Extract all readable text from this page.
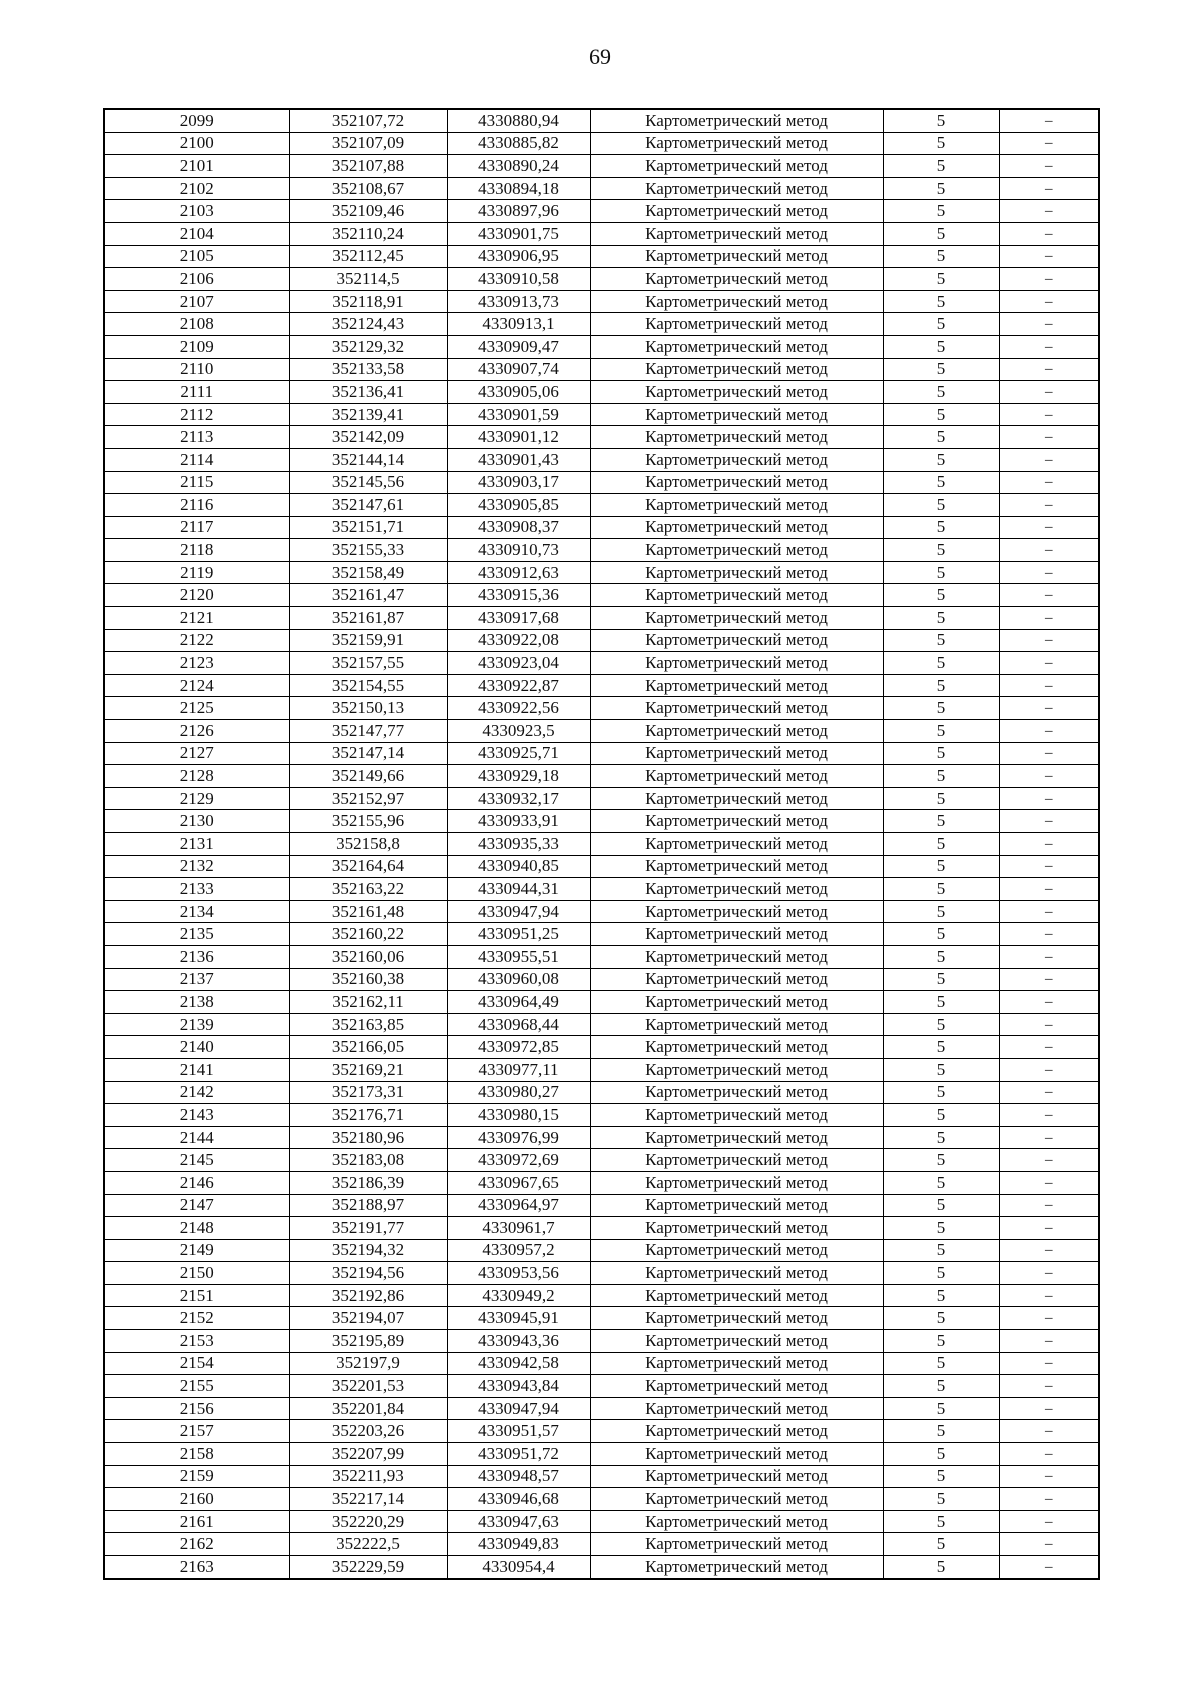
69
2099	352107,72	4330880,94	Картометрический метод	5	–
2100	352107,09	4330885,82	Картометрический метод	5	–
2101	352107,88	4330890,24	Картометрический метод	5	–
2102	352108,67	4330894,18	Картометрический метод	5	–
2103	352109,46	4330897,96	Картометрический метод	5	–
2104	352110,24	4330901,75	Картометрический метод	5	–
2105	352112,45	4330906,95	Картометрический метод	5	–
2106	352114,5	4330910,58	Картометрический метод	5	–
2107	352118,91	4330913,73	Картометрический метод	5	–
2108	352124,43	4330913,1	Картометрический метод	5	–
2109	352129,32	4330909,47	Картометрический метод	5	–
2110	352133,58	4330907,74	Картометрический метод	5	–
2111	352136,41	4330905,06	Картометрический метод	5	–
2112	352139,41	4330901,59	Картометрический метод	5	–
2113	352142,09	4330901,12	Картометрический метод	5	–
2114	352144,14	4330901,43	Картометрический метод	5	–
2115	352145,56	4330903,17	Картометрический метод	5	–
2116	352147,61	4330905,85	Картометрический метод	5	–
2117	352151,71	4330908,37	Картометрический метод	5	–
2118	352155,33	4330910,73	Картометрический метод	5	–
2119	352158,49	4330912,63	Картометрический метод	5	–
2120	352161,47	4330915,36	Картометрический метод	5	–
2121	352161,87	4330917,68	Картометрический метод	5	–
2122	352159,91	4330922,08	Картометрический метод	5	–
2123	352157,55	4330923,04	Картометрический метод	5	–
2124	352154,55	4330922,87	Картометрический метод	5	–
2125	352150,13	4330922,56	Картометрический метод	5	–
2126	352147,77	4330923,5	Картометрический метод	5	–
2127	352147,14	4330925,71	Картометрический метод	5	–
2128	352149,66	4330929,18	Картометрический метод	5	–
2129	352152,97	4330932,17	Картометрический метод	5	–
2130	352155,96	4330933,91	Картометрический метод	5	–
2131	352158,8	4330935,33	Картометрический метод	5	–
2132	352164,64	4330940,85	Картометрический метод	5	–
2133	352163,22	4330944,31	Картометрический метод	5	–
2134	352161,48	4330947,94	Картометрический метод	5	–
2135	352160,22	4330951,25	Картометрический метод	5	–
2136	352160,06	4330955,51	Картометрический метод	5	–
2137	352160,38	4330960,08	Картометрический метод	5	–
2138	352162,11	4330964,49	Картометрический метод	5	–
2139	352163,85	4330968,44	Картометрический метод	5	–
2140	352166,05	4330972,85	Картометрический метод	5	–
2141	352169,21	4330977,11	Картометрический метод	5	–
2142	352173,31	4330980,27	Картометрический метод	5	–
2143	352176,71	4330980,15	Картометрический метод	5	–
2144	352180,96	4330976,99	Картометрический метод	5	–
2145	352183,08	4330972,69	Картометрический метод	5	–
2146	352186,39	4330967,65	Картометрический метод	5	–
2147	352188,97	4330964,97	Картометрический метод	5	–
2148	352191,77	4330961,7	Картометрический метод	5	–
2149	352194,32	4330957,2	Картометрический метод	5	–
2150	352194,56	4330953,56	Картометрический метод	5	–
2151	352192,86	4330949,2	Картометрический метод	5	–
2152	352194,07	4330945,91	Картометрический метод	5	–
2153	352195,89	4330943,36	Картометрический метод	5	–
2154	352197,9	4330942,58	Картометрический метод	5	–
2155	352201,53	4330943,84	Картометрический метод	5	–
2156	352201,84	4330947,94	Картометрический метод	5	–
2157	352203,26	4330951,57	Картометрический метод	5	–
2158	352207,99	4330951,72	Картометрический метод	5	–
2159	352211,93	4330948,57	Картометрический метод	5	–
2160	352217,14	4330946,68	Картометрический метод	5	–
2161	352220,29	4330947,63	Картометрический метод	5	–
2162	352222,5	4330949,83	Картометрический метод	5	–
2163	352229,59	4330954,4	Картометрический метод	5	–
